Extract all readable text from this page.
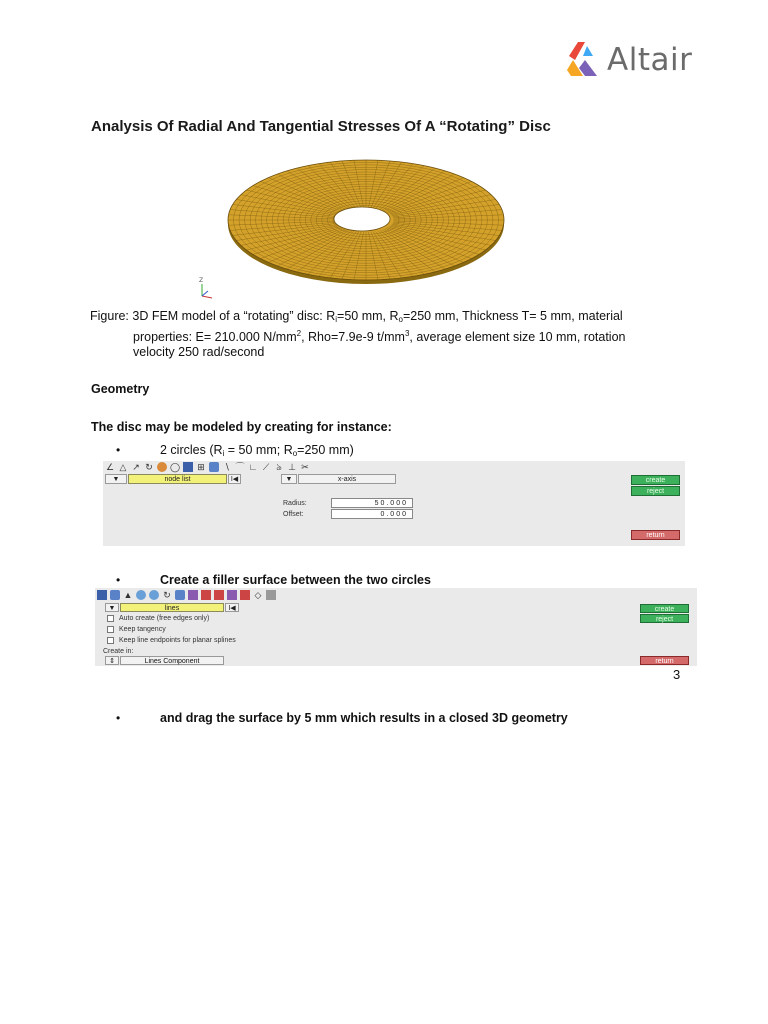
Altair
Analysis Of Radial And Tangential Stresses Of A “Rotating” Disc
Z
Figure: 3D FEM model of a “rotating” disc: $R_i=50$ mm, $R_o=250$ mm, Thickness T= 5 mm, material
properties: E= 210.000 $N/mm^2$, Rho=7.9e-9 $t/mm^3$, average element size 10 mm, rotation
velocity 250 rad/second
Geometry
The disc may be modeled by creating for instance:
•	2 circles ($R_i = 50$ mm; $R_o=250$ mm)
∠ △ ↗ ↻ ◯ ⊞ ∖ ⌒ ∟ ⟋ ৯ ⊥ ✂
▼	node list	I◀	▼	x-axis
Radius:	50.000
Offset:	0.000
create
reject
return
•	Create a filler surface between the two circles
▲	↻	◇
▼	lines	I◀
Auto create (free edges only)
Keep tangency
Keep line endpoints for planar splines
Create in:
⇕	Lines Component
create
reject
return
3
•	and drag the surface by 5 mm which results in a closed 3D geometry
